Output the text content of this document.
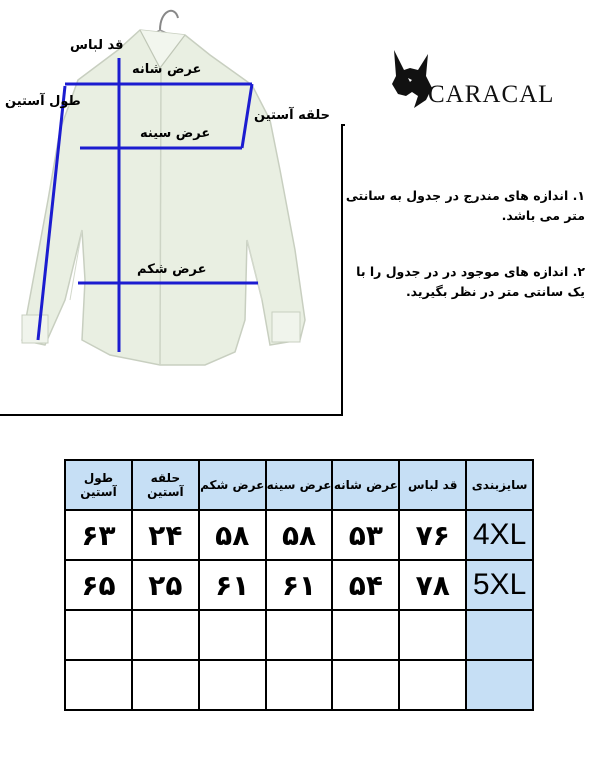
قد لباس
عرض شانه
طول آستین
حلقه آستین
عرض سینه
عرض شکم
CARACAL
۱. اندازه های مندرج در جدول به سانتی متر می باشد.
۲. اندازه های موجود در در جدول را با یک سانتی متر در نظر بگیرید.
سایزبندی	قد لباس	عرض شانه	عرض سینه	عرض شکم	حلقه آستین	طول آستین
4XL	۷۶	۵۳	۵۸	۵۸	۲۴	۶۳
5XL	۷۸	۵۴	۶۱	۶۱	۲۵	۶۵
